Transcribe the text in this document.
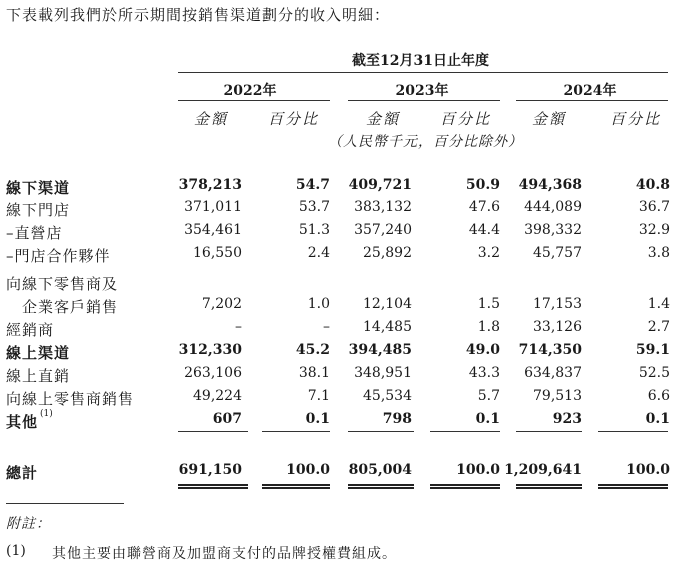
下表載列我們於所示期間按銷售渠道劃分的收入明細：
截至12月31日止年度
2022年	2023年	2024年
金額	百分比	金額	百分比	金額	百分比
（人民幣千元，百分比除外）
線下渠道	378,213	54.7 409,721	50.9 494,368	40.8
線下門店	371,011	53.7 383,132	47.6 444,089	36.7
–直營店	354,461	51.3 357,240	44.4 398,332	32.9
–門店合作夥伴	16,550	2.4 25,892	3.2 45,757	3.8
向線下零售商及
　企業客戶銷售	7,202	1.0 12,104	1.5 17,153	1.4
經銷商	–	– 14,485	1.8 33,126	2.7
線上渠道	312,330	45.2 394,485	49.0 714,350	59.1
線上直銷	263,106	38.1 348,951	43.3 634,837	52.5
向線上零售商銷售	49,224	7.1 45,534	5.7 79,513	6.6
其他 (1)	607	0.1	798	0.1	923	0.1
總計	691,150	100.0 805,004	100.0 1,209,641	100.0
附註：
(1) 其他主要由聯營商及加盟商支付的品牌授權費組成。
